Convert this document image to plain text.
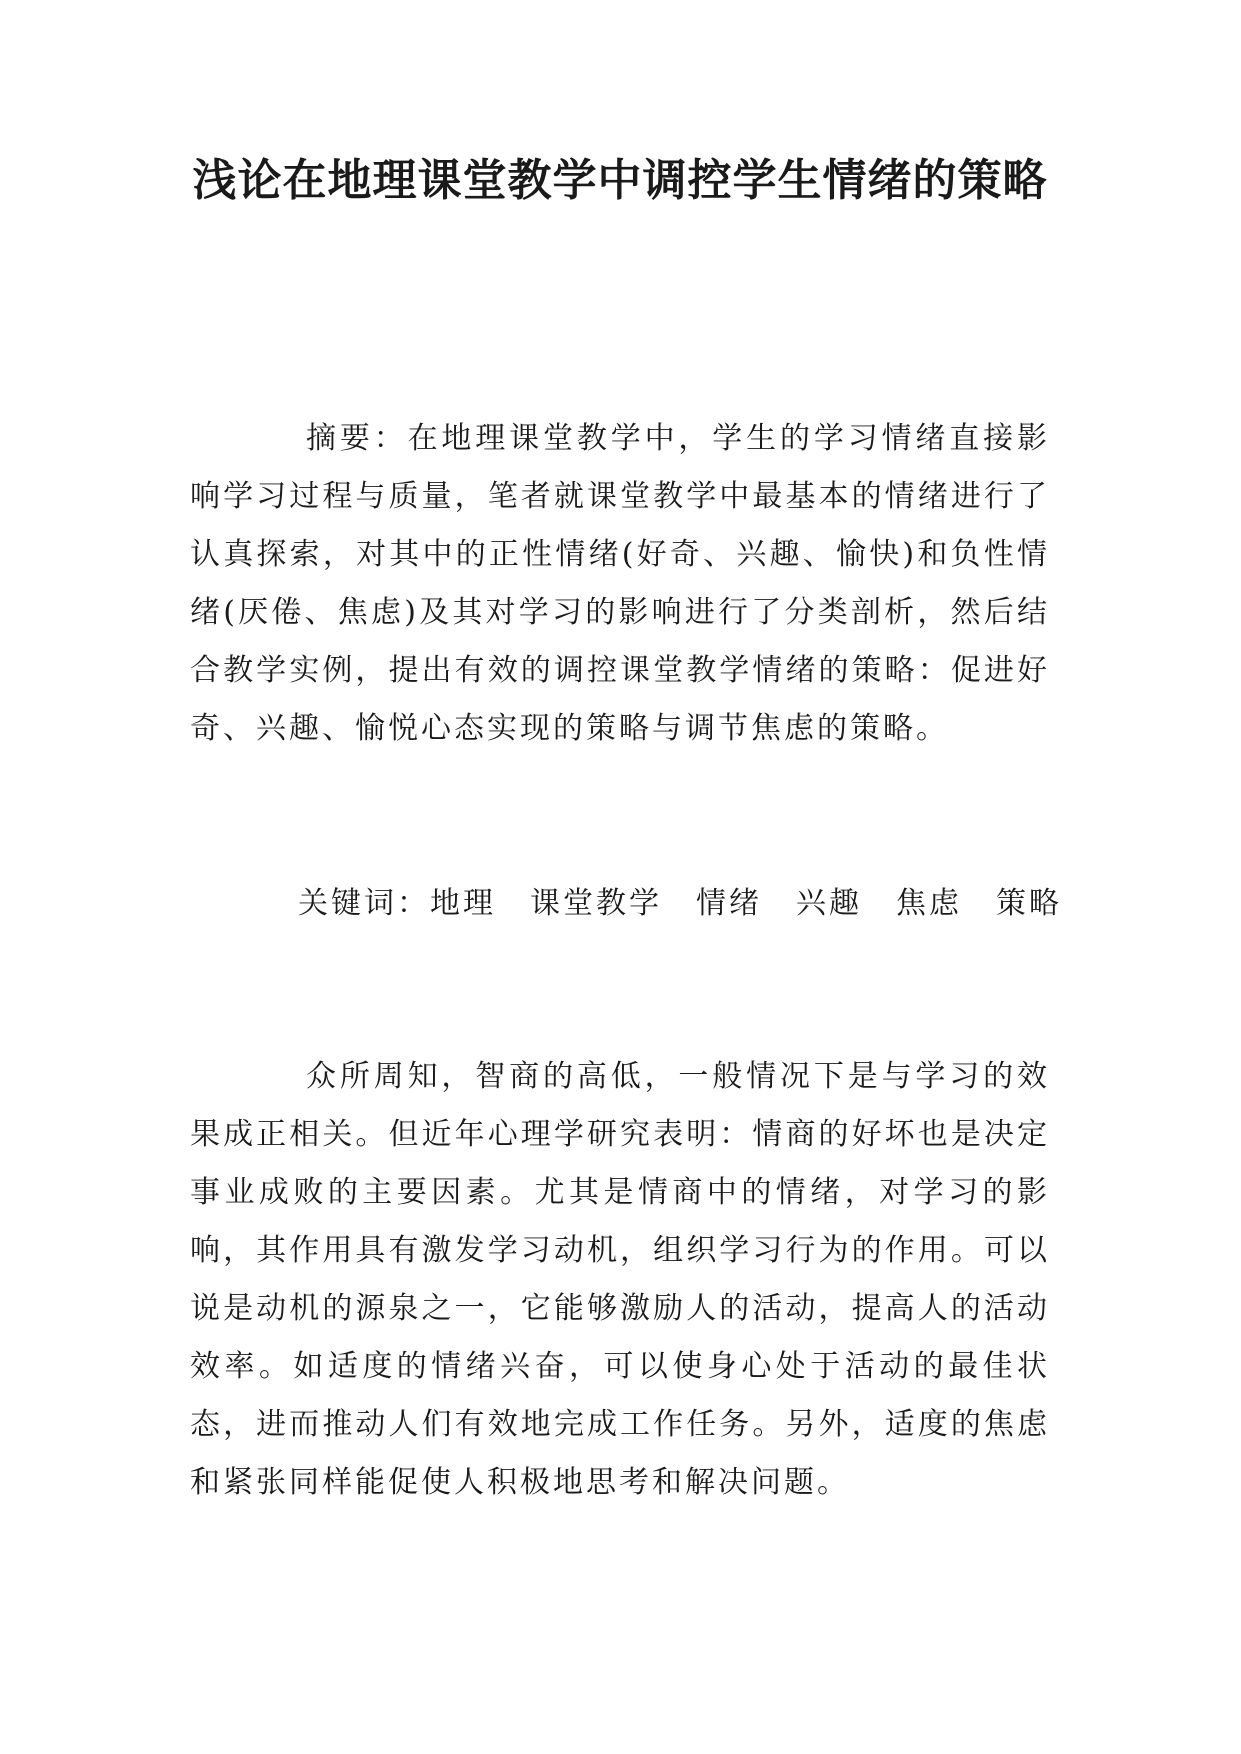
浅论在地理课堂教学中调控学生情绪的策略

摘要：在地理课堂教学中，学生的学习情绪直接影响学习过程与质量，笔者就课堂教学中最基本的情绪进行了认真探索，对其中的正性情绪(好奇、兴趣、愉快)和负性情绪(厌倦、焦虑)及其对学习的影响进行了分类剖析，然后结合教学实例，提出有效的调控课堂教学情绪的策略：促进好奇、兴趣、愉悦心态实现的策略与调节焦虑的策略。

关键词：地理 课堂教学 情绪 兴趣 焦虑 策略

众所周知，智商的高低，一般情况下是与学习的效果成正相关。但近年心理学研究表明：情商的好坏也是决定事业成败的主要因素。尤其是情商中的情绪，对学习的影响，其作用具有激发学习动机，组织学习行为的作用。可以说是动机的源泉之一，它能够激励人的活动，提高人的活动效率。如适度的情绪兴奋，可以使身心处于活动的最佳状态，进而推动人们有效地完成工作任务。另外，适度的焦虑和紧张同样能促使人积极地思考和解决问题。
